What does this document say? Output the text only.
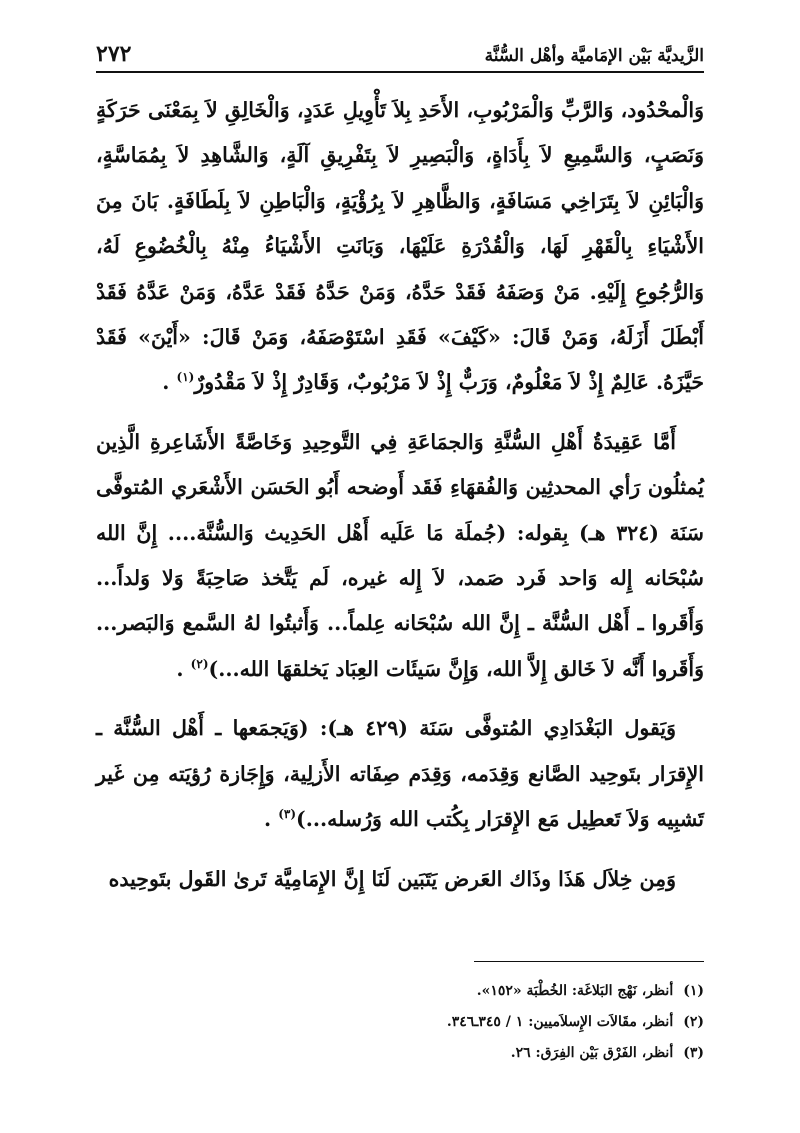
الزَّيديَّة بَيْن الإمَاميَّة وأهْل السُّنَّة
٢٧٢

وَالْمحْدُود، وَالرَّبِّ وَالْمَرْبُوبِ، الأَحَدِ بِلاَ تَأْوِيلِ عَدَدٍ، وَالْخَالِقِ لاَ بِمَعْنَى حَرَكَةٍ وَنَصَبٍ، وَالسَّمِيعِ لاَ بِأَدَاةٍ، وَالْبَصِيرِ لاَ بِتَفْرِيقِ آلَةٍ، وَالشَّاهِدِ لاَ بِمُمَاسَّةٍ، وَالْبَائِنِ لاَ بِتَرَاخِي مَسَافَةٍ، وَالظَّاهِرِ لاَ بِرُؤْيَةٍ، وَالْبَاطِنِ لاَ بِلَطَافَةٍ. بَانَ مِنَ الأَشْيَاءِ بِالْقَهْرِ لَهَا، وَالْقُدْرَةِ عَلَيْهَا، وَبَانَتِ الأَشْيَاءُ مِنْهُ بِالْخُضُوعِ لَهُ، وَالرُّجُوعِ إِلَيْهِ. مَنْ وَصَفَهُ فَقَدْ حَدَّهُ، وَمَنْ حَدَّهُ فَقَدْ عَدَّهُ، وَمَنْ عَدَّهُ فَقَدْ أَبْطَلَ أَزَلَهُ، وَمَنْ قَالَ: «كَيْفَ» فَقَدِ اسْتَوْصَفَهُ، وَمَنْ قَالَ: «أَيْنَ» فَقَدْ حَيَّزَهُ. عَالِمٌ إِذْ لاَ مَعْلُومٌ، وَرَبٌّ إِذْ لاَ مَرْبُوبٌ، وَقَادِرٌ إِذْ لاَ مَقْدُورٌ$^{(١)}$ .

أَمَّا عَقِيدَةُ أَهْلِ السُّنَّةِ وَالجمَاعَةِ فِي التَّوحِيدِ وَخَاصَّةً الأَشَاعِرةِ الَّذِين يُمثلُون رَأي المحدثِين وَالفُقهَاءِ فَقَد أَوضحه أَبُو الحَسَن الأَشْعَري المُتوفَّى سَنَة (٣٢٤ هـ) بِقوله: (جُملَة مَا عَلَيه أَهْل الحَدِيث وَالسُّنَّة.... إِنَّ الله سُبْحَانه إِله وَاحد فَرد صَمد، لاَ إِله غيره، لَم يَتَّخذ صَاحِبَةً وَلا وَلداً... وَأَقَروا ـ أَهْل السُّنَّة ـ إِنَّ الله سُبْحَانه عِلماً... وَأَثبتُوا لهُ السَّمع وَالبَصر... وَأَقَروا أَنَّه لاَ خَالق إِلاَّ الله، وَإِنَّ سَيئَات العِبَاد يَخلقهَا الله...)$^{(٢)}$ .

وَيَقول البَغْدَادِي المُتوفَّى سَنَة (٤٢٩ هـ): (وَيَجمَعها ـ أَهْل السُّنَّة ـ الإِقرَار بتَوحِيد الصَّانع وَقِدَمه، وَقِدَم صِفَاته الأَزلِية، وَإِجَازة رُؤيَته مِن غَير تَشبِيه وَلاَ تَعطِيل مَع الإِقرَار بِكُتب الله وَرُسله...)$^{(٣)}$ .

وَمِن خِلاَل هَذَا وذَاك العَرض يَتَبَين لَنَا إِنَّ الإِمَامِيَّة تَرىٰ القَول بتَوحِيده

(١)أنظر، نَهْج البَلاغَة: الخُطْبَة «١٥٢».
(٢)أنظر، مقَالاَت الإِسلاَميين: ١ / ٣٤٥ـ٣٤٦.
(٣)أنظر، الفَرْق بَيْن الفِرَق: ٢٦.
